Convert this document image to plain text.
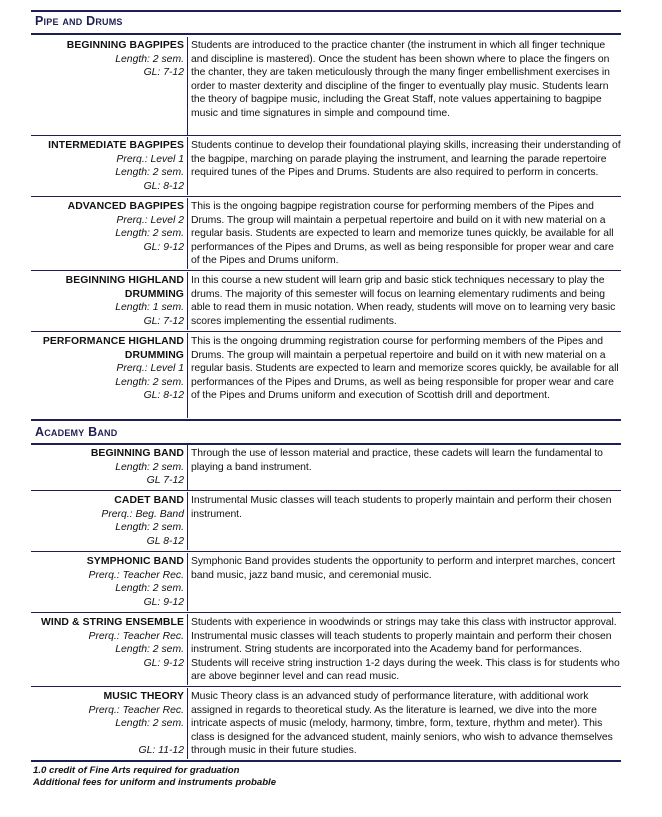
Pipe and Drums
BEGINNING BAGPIPES
Length: 2 sem.
GL: 7-12
Students are introduced to the practice chanter (the instrument in which all finger technique and discipline is mastered). Once the student has been shown where to place the fingers on the chanter, they are taken meticulously through the many finger embellishment exercises in order to master dexterity and discipline of the finger to eventually play music. Students learn the theory of bagpipe music, including the Great Staff, note values appertaining to bagpipe music and time signatures in simple and compound time.
INTERMEDIATE BAGPIPES
Prerq.: Level 1
Length: 2 sem.
GL: 8-12
Students continue to develop their foundational playing skills, increasing their understanding of the bagpipe, marching on parade playing the instrument, and learning the parade repertoire required tunes of the Pipes and Drums. Students are also required to perform in concerts.
ADVANCED BAGPIPES
Prerq.: Level 2
Length: 2 sem.
GL: 9-12
This is the ongoing bagpipe registration course for performing members of the Pipes and Drums. The group will maintain a perpetual repertoire and build on it with new material on a regular basis. Students are expected to learn and memorize tunes quickly, be available for all performances of the Pipes and Drums, as well as being responsible for proper wear and care of the Pipes and Drums uniform.
BEGINNING HIGHLAND DRUMMING
Length: 1 sem.
GL: 7-12
In this course a new student will learn grip and basic stick techniques necessary to play the drums. The majority of this semester will focus on learning elementary rudiments and being able to read them in music notation. When ready, students will move on to learning very basic scores implementing the essential rudiments.
PERFORMANCE HIGHLAND DRUMMING
Prerq.: Level 1
Length: 2 sem.
GL: 8-12
This is the ongoing drumming registration course for performing members of the Pipes and Drums. The group will maintain a perpetual repertoire and build on it with new material on a regular basis. Students are expected to learn and memorize scores quickly, be available for all performances of the Pipes and Drums, as well as being responsible for proper wear and care of the Pipes and Drums uniform and execution of Scottish drill and deportment.
Academy Band
BEGINNING BAND
Length: 2 sem.
GL 7-12
Through the use of lesson material and practice, these cadets will learn the fundamental to playing a band instrument.
CADET BAND
Prerq.: Beg. Band
Length: 2 sem.
GL 8-12
Instrumental Music classes will teach students to properly maintain and perform their chosen instrument.
SYMPHONIC BAND
Prerq.: Teacher Rec.
Length: 2 sem.
GL: 9-12
Symphonic Band provides students the opportunity to perform and interpret marches, concert band music, jazz band music, and ceremonial music.
WIND & STRING ENSEMBLE
Prerq.: Teacher Rec.
Length: 2 sem.
GL: 9-12
Students with experience in woodwinds or strings may take this class with instructor approval. Instrumental music classes will teach students to properly maintain and perform their chosen instrument. String students are incorporated into the Academy band for performances. Students will receive string instruction 1-2 days during the week. This class is for students who are above beginner level and can read music.
MUSIC THEORY
Prerq.: Teacher Rec.
Length: 2 sem.
GL: 11-12
Music Theory class is an advanced study of performance literature, with additional work assigned in regards to theoretical study. As the literature is learned, we dive into the more intricate aspects of music (melody, harmony, timbre, form, texture, rhythm and meter). This class is designed for the advanced student, mainly seniors, who wish to advance themselves through music in their future studies.
1.0 credit of Fine Arts required for graduation
Additional fees for uniform and instruments probable
